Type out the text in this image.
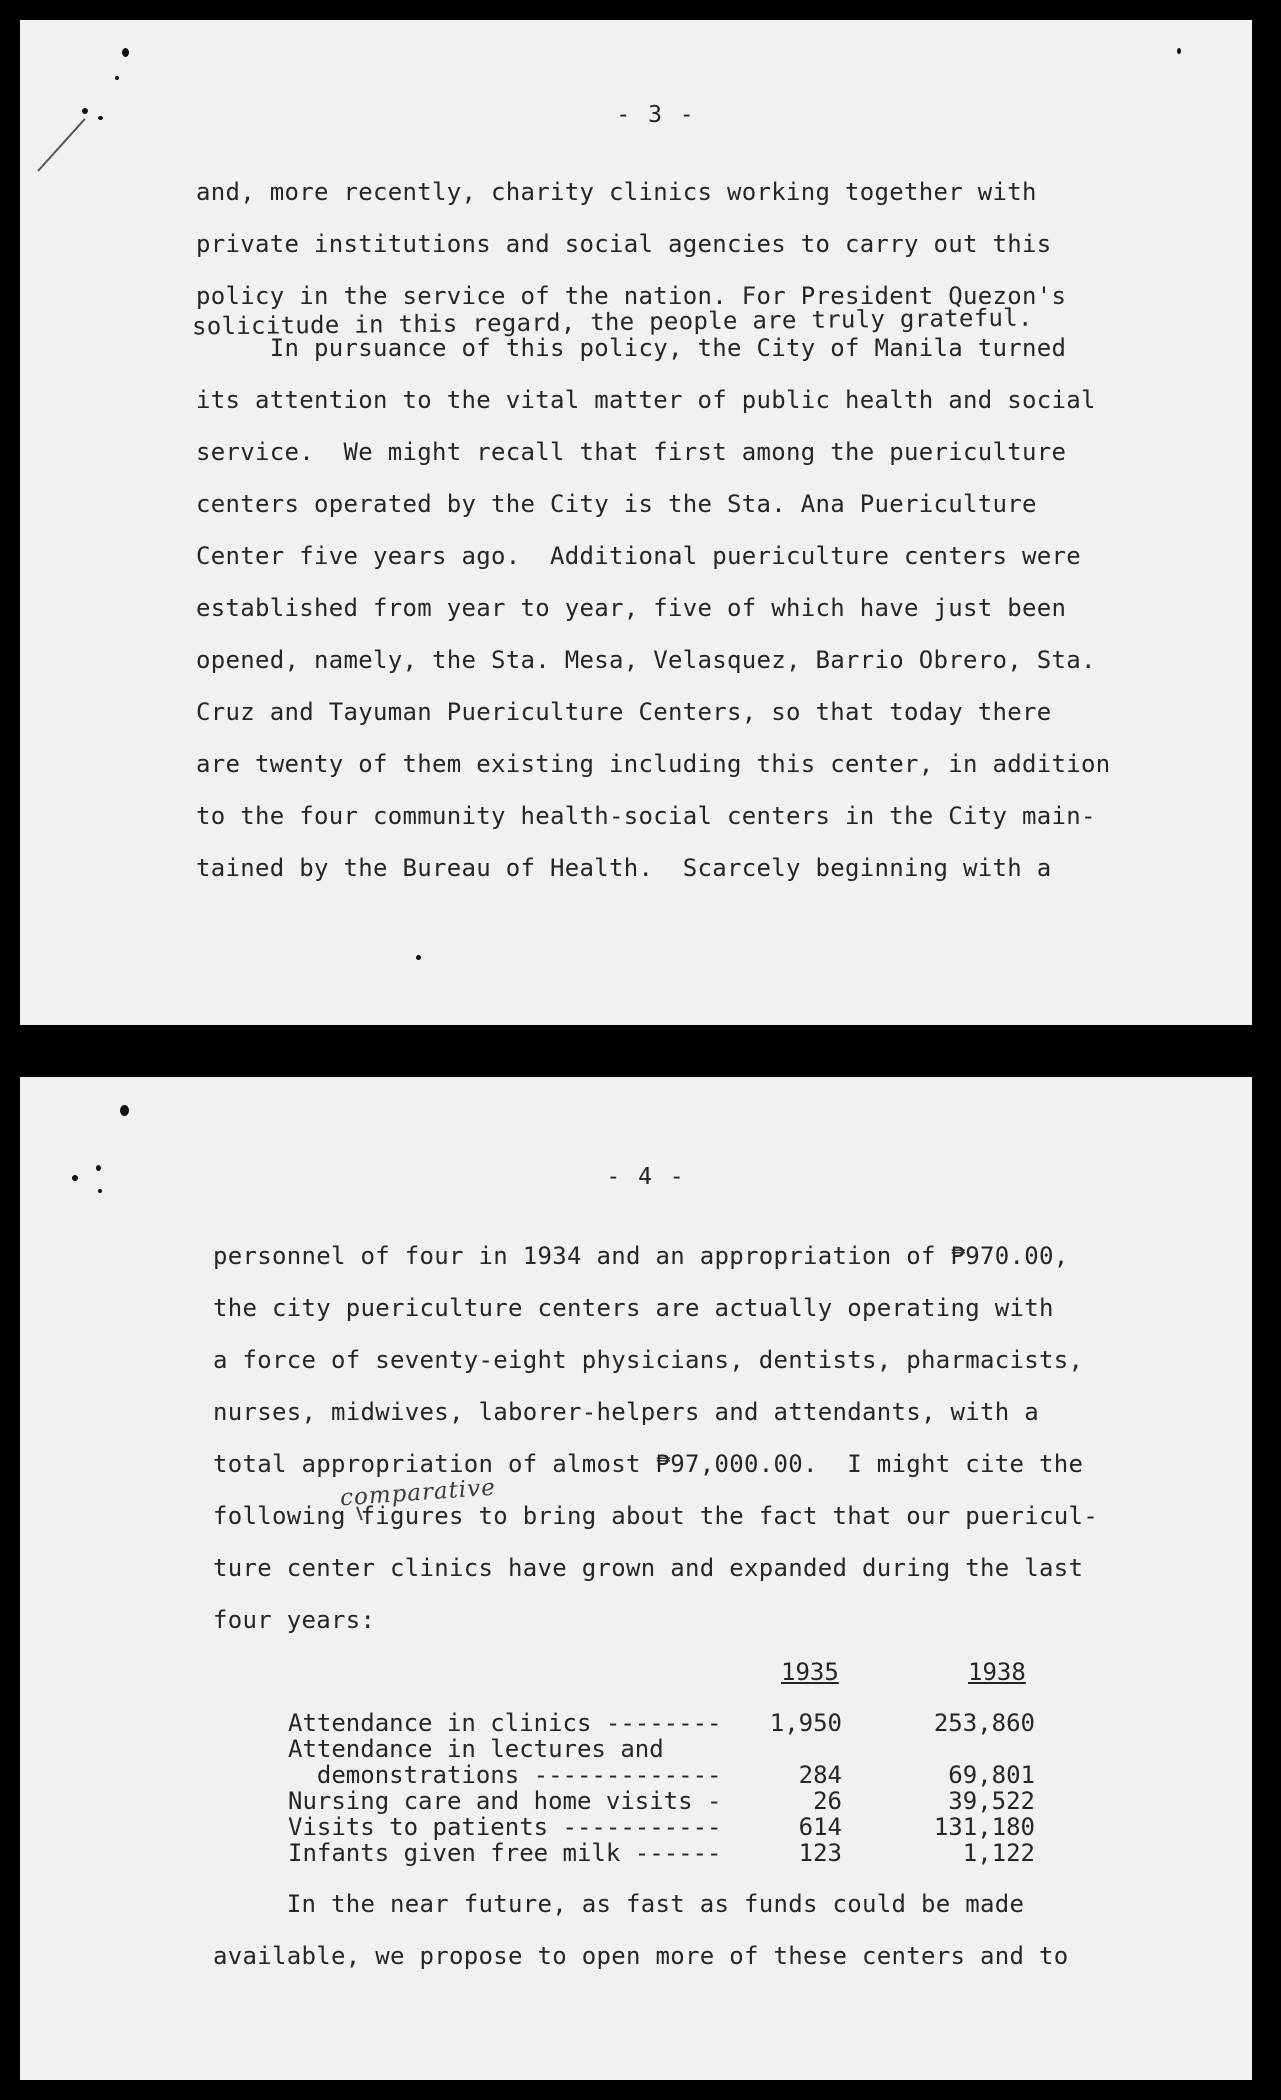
- 3 -
and, more recently, charity clinics working together with
private institutions and social agencies to carry out this
policy in the service of the nation. For President Quezon's
solicitude in this regard, the people are truly grateful.
In pursuance of this policy, the City of Manila turned
its attention to the vital matter of public health and social
service.  We might recall that first among the puericulture
centers operated by the City is the Sta. Ana Puericulture
Center five years ago.  Additional puericulture centers were
established from year to year, five of which have just been
opened, namely, the Sta. Mesa, Velasquez, Barrio Obrero, Sta.
Cruz and Tayuman Puericulture Centers, so that today there
are twenty of them existing including this center, in addition
to the four community health-social centers in the City main-
tained by the Bureau of Health.  Scarcely beginning with a
- 4 -
personnel of four in 1934 and an appropriation of ₱970.00,
the city puericulture centers are actually operating with
a force of seventy-eight physicians, dentists, pharmacists,
nurses, midwives, laborer-helpers and attendants, with a
total appropriation of almost ₱97,000.00.  I might cite the
comparative
following figures to bring about the fact that our puericul-
ture center clinics have grown and expanded during the last
four years:
1935	1938
Attendance in clinics --------	1,950	253,860
Attendance in lectures and
demonstrations -------------	284	69,801
Nursing care and home visits -	26	39,522
Visits to patients -----------	614	131,180
Infants given free milk ------	123	1,122
In the near future, as fast as funds could be made
available, we propose to open more of these centers and to
